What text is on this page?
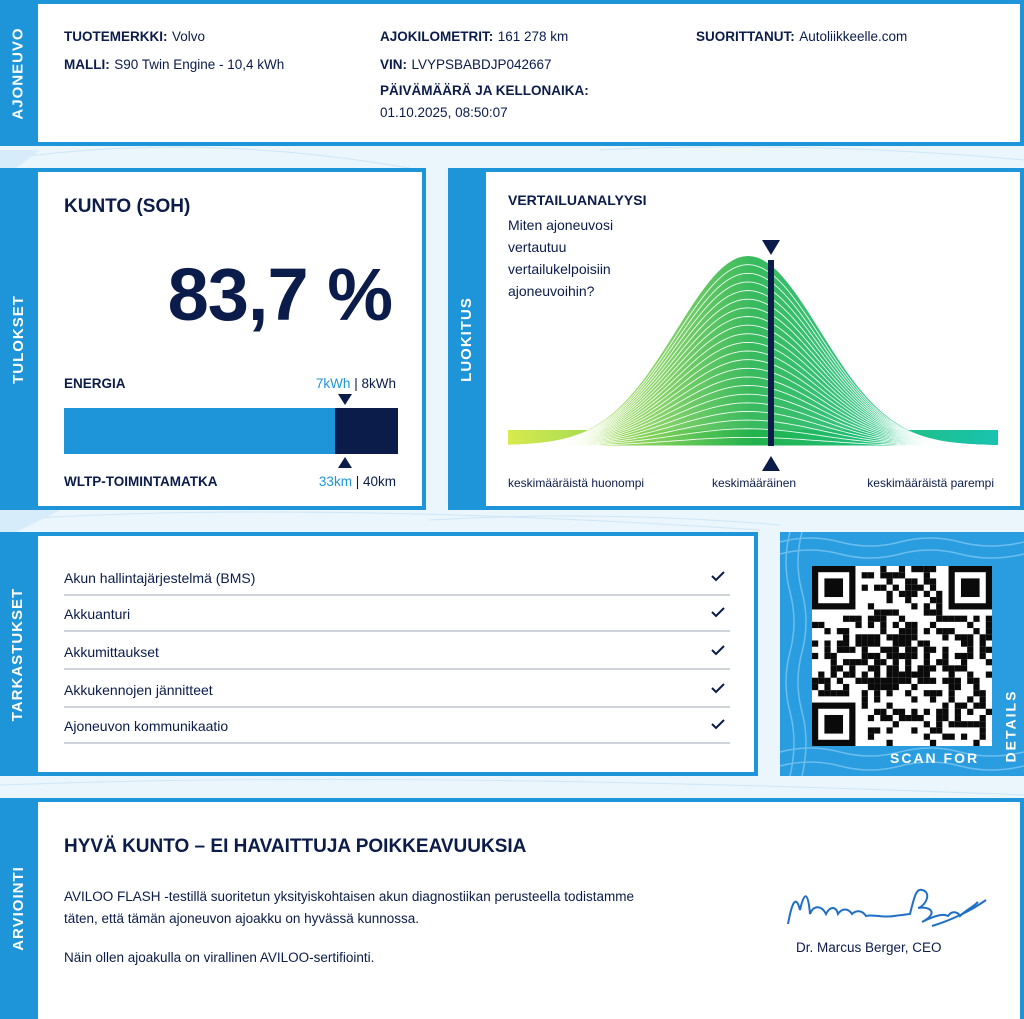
AJONEUVO	TUOTEMERKKI: Volvo
MALLI: S90 Twin Engine - 10,4 kWh
AJOKILOMETRIT: 161 278 km
VIN: LVYPSBABDJP042667
PÄIVÄMÄÄRÄ JA KELLONAIKA:
01.10.2025, 08:50:07
SUORITTANUT: Autoliikkeelle.com
TULOKSET
KUNTO (SOH)
83,7 %
ENERGIA	7kWh | 8kWh
WLTP-TOIMINTAMATKA	33km | 40km
LUOKITUS
VERTAILUANALYYSI
Miten ajoneuvosi
vertautuu
vertailukelpoisiin
ajoneuvoihin?
keskimääräistä huonompi	keskimääräinen	keskimääräistä parempi
TARKASTUKSET
Akun hallintajärjestelmä (BMS)
Akkuanturi
Akkumittaukset
Akkukennojen jännitteet
Ajoneuvon kommunikaatio
SCAN FOR DETAILS
ARVIOINTI
HYVÄ KUNTO – EI HAVAITTUJA POIKKEAVUUKSIA
AVILOO FLASH -testillä suoritetun yksityiskohtaisen akun diagnostiikan perusteella todistamme
täten, että tämän ajoneuvon ajoakku on hyvässä kunnossa.
Näin ollen ajoakulla on virallinen AVILOO-sertifiointi.
Dr. Marcus Berger, CEO
